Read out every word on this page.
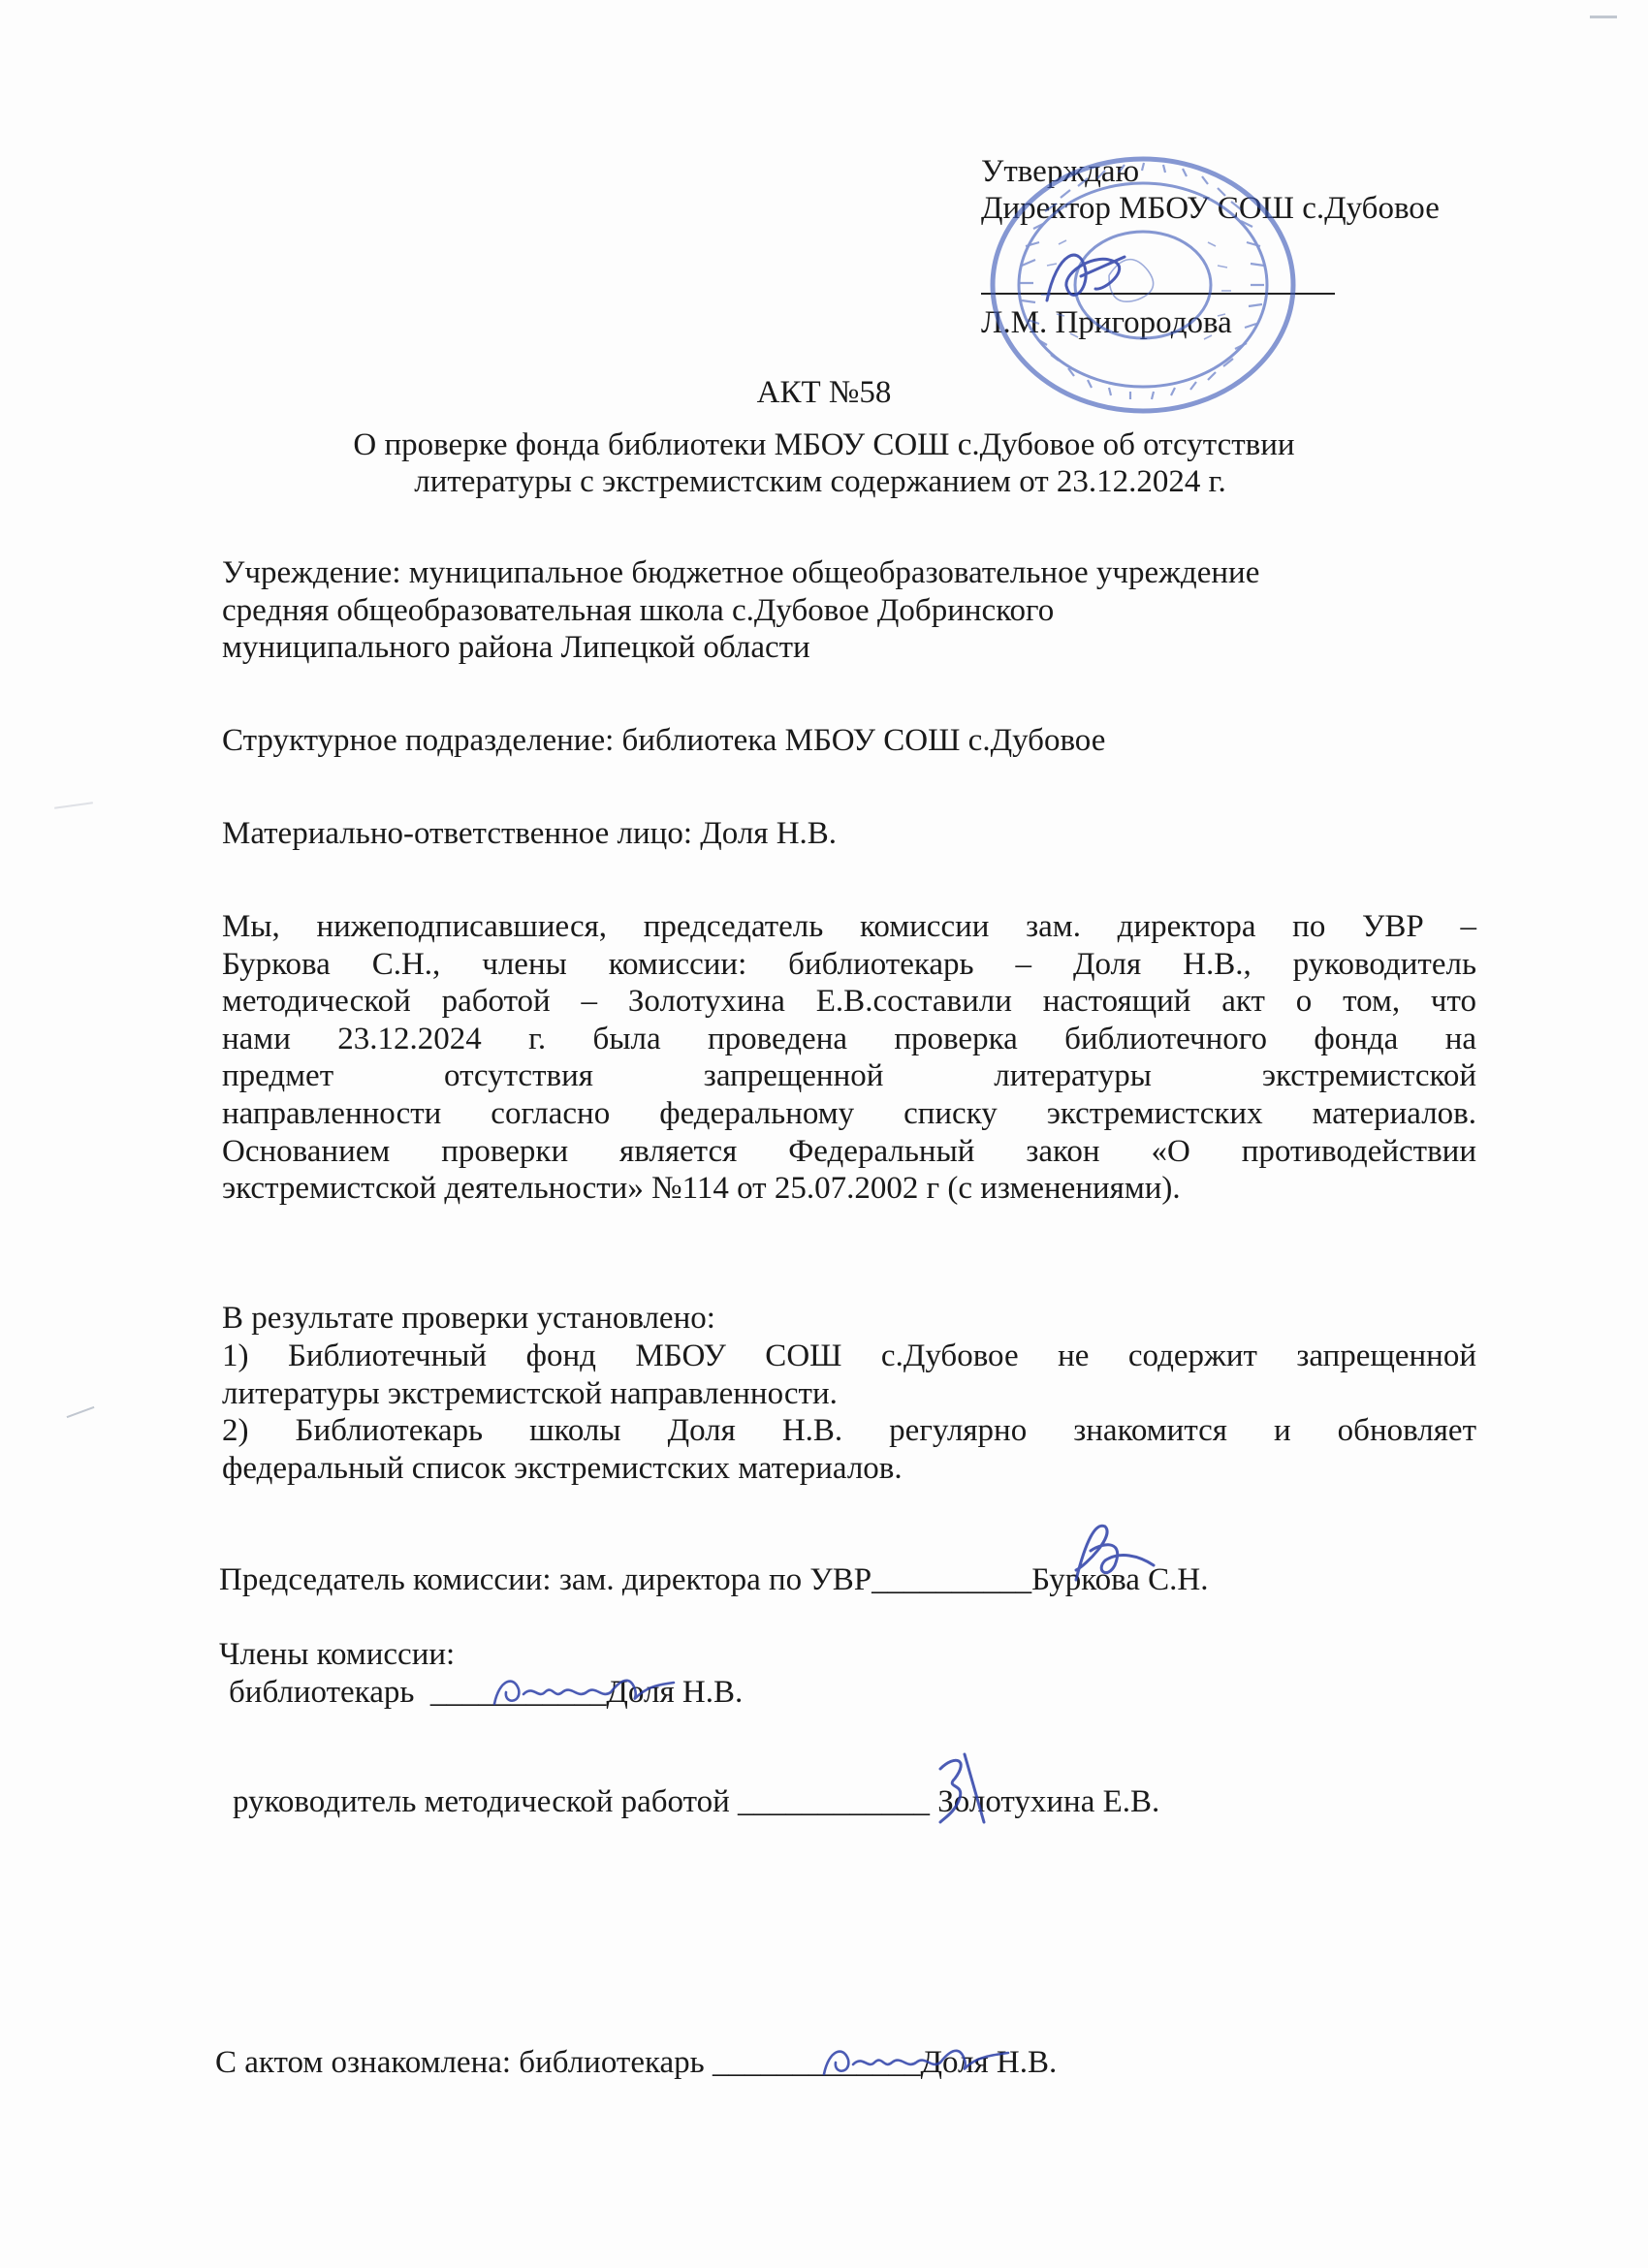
Утверждаю
Директор МБОУ СОШ с.Дубовое
Л.М. Пригородова
АКТ №58
О проверке фонда библиотеки МБОУ СОШ с.Дубовое об отсутствии
литературы с экстремистским содержанием от 23.12.2024 г.
Учреждение: муниципальное бюджетное общеобразовательное учреждение
средняя общеобразовательная школа с.Дубовое Добринского
муниципального района Липецкой области
Структурное подразделение: библиотека МБОУ СОШ с.Дубовое
Материально-ответственное лицо: Доля Н.В.
Мы, нижеподписавшиеся, председатель комиссии зам. директора по УВР –
Буркова С.Н., члены комиссии: библиотекарь – Доля Н.В., руководитель
методической работой – Золотухина Е.В.составили настоящий акт о том, что
нами 23.12.2024 г. была проведена проверка библиотечного фонда на
предмет отсутствия запрещенной литературы экстремистской
направленности согласно федеральному списку экстремистских материалов.
Основанием проверки является Федеральный закон «О противодействии
экстремистской деятельности» №114 от 25.07.2002 г (с изменениями).
В результате проверки установлено:
1) Библиотечный фонд МБОУ СОШ с.Дубовое не содержит запрещенной
литературы экстремистской направленности.
2) Библиотекарь школы Доля Н.В. регулярно знакомится и обновляет
федеральный список экстремистских материалов.
Председатель комиссии: зам. директора по УВР__________Буркова С.Н.
Члены комиссии:
библиотекарь ___________Доля Н.В.
руководитель методической работой ____________ Золотухина Е.В.
С актом ознакомлена: библиотекарь _____________Доля Н.В.
